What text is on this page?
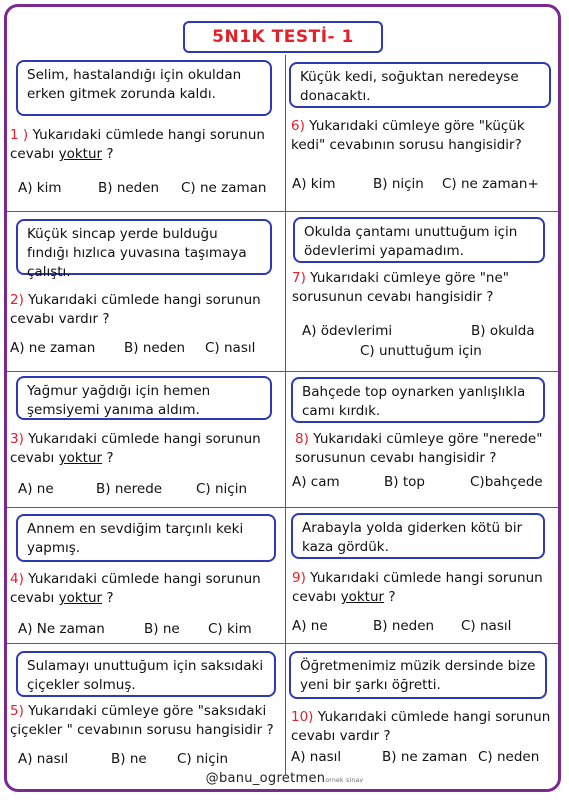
5N1K TESTİ- 1
Selim, hastalandığı için okuldan erken gitmek zorunda kaldı.
1 ) Yukarıdaki cümlede hangi sorunun cevabı yoktur ?
A) kim	B) neden C) ne zaman
Küçük sincap yerde bulduğu fındığı hızlıca yuvasına taşımaya çalıştı.
2) Yukarıdaki cümlede hangi sorunun cevabı vardır ?
A) ne zaman B) neden C) nasıl
Yağmur yağdığı için hemen şemsiyemi yanıma aldım.
3) Yukarıdaki cümlede hangi sorunun cevabı yoktur ?
A) ne	B) nerede	C) niçin
Annem en sevdiğim tarçınlı keki yapmış.
4) Yukarıdaki cümlede hangi sorunun cevabı yoktur ?
A) Ne zaman	B) ne C) kim
Sulamayı unuttuğum için saksıdaki çiçekler solmuş.
5) Yukarıdaki cümleye göre "saksıdaki çiçekler " cevabının sorusu hangisidir ?
A) nasıl	B) ne C) niçin
Küçük kedi, soğuktan neredeyse donacaktı.
6) Yukarıdaki cümleye göre "küçük kedi" cevabının sorusu hangisidir?
A) kim	B) niçin C) ne zaman+
Okulda çantamı unuttuğum için ödevlerimi yapamadım.
7) Yukarıdaki cümleye göre "ne" sorusunun cevabı hangisidir ?
A) ödevlerimi	B) okulda
C) unuttuğum için
Bahçede top oynarken yanlışlıkla camı kırdık.
8) Yukarıdaki cümleye göre "nerede" sorusunun cevabı hangisidir ?
A) cam	B) top	C)bahçede
Arabayla yolda giderken kötü bir kaza gördük.
9) Yukarıdaki cümlede hangi sorunun cevabı yoktur ?
A) ne	B) neden C) nasıl
Öğretmenimiz müzik dersinde bize yeni bir şarkı öğretti.
10) Yukarıdaki cümlede hangi sorunun cevabı vardır ?
A) nasıl	B) ne zaman C) neden
@banu_ogretmenornek sinav
